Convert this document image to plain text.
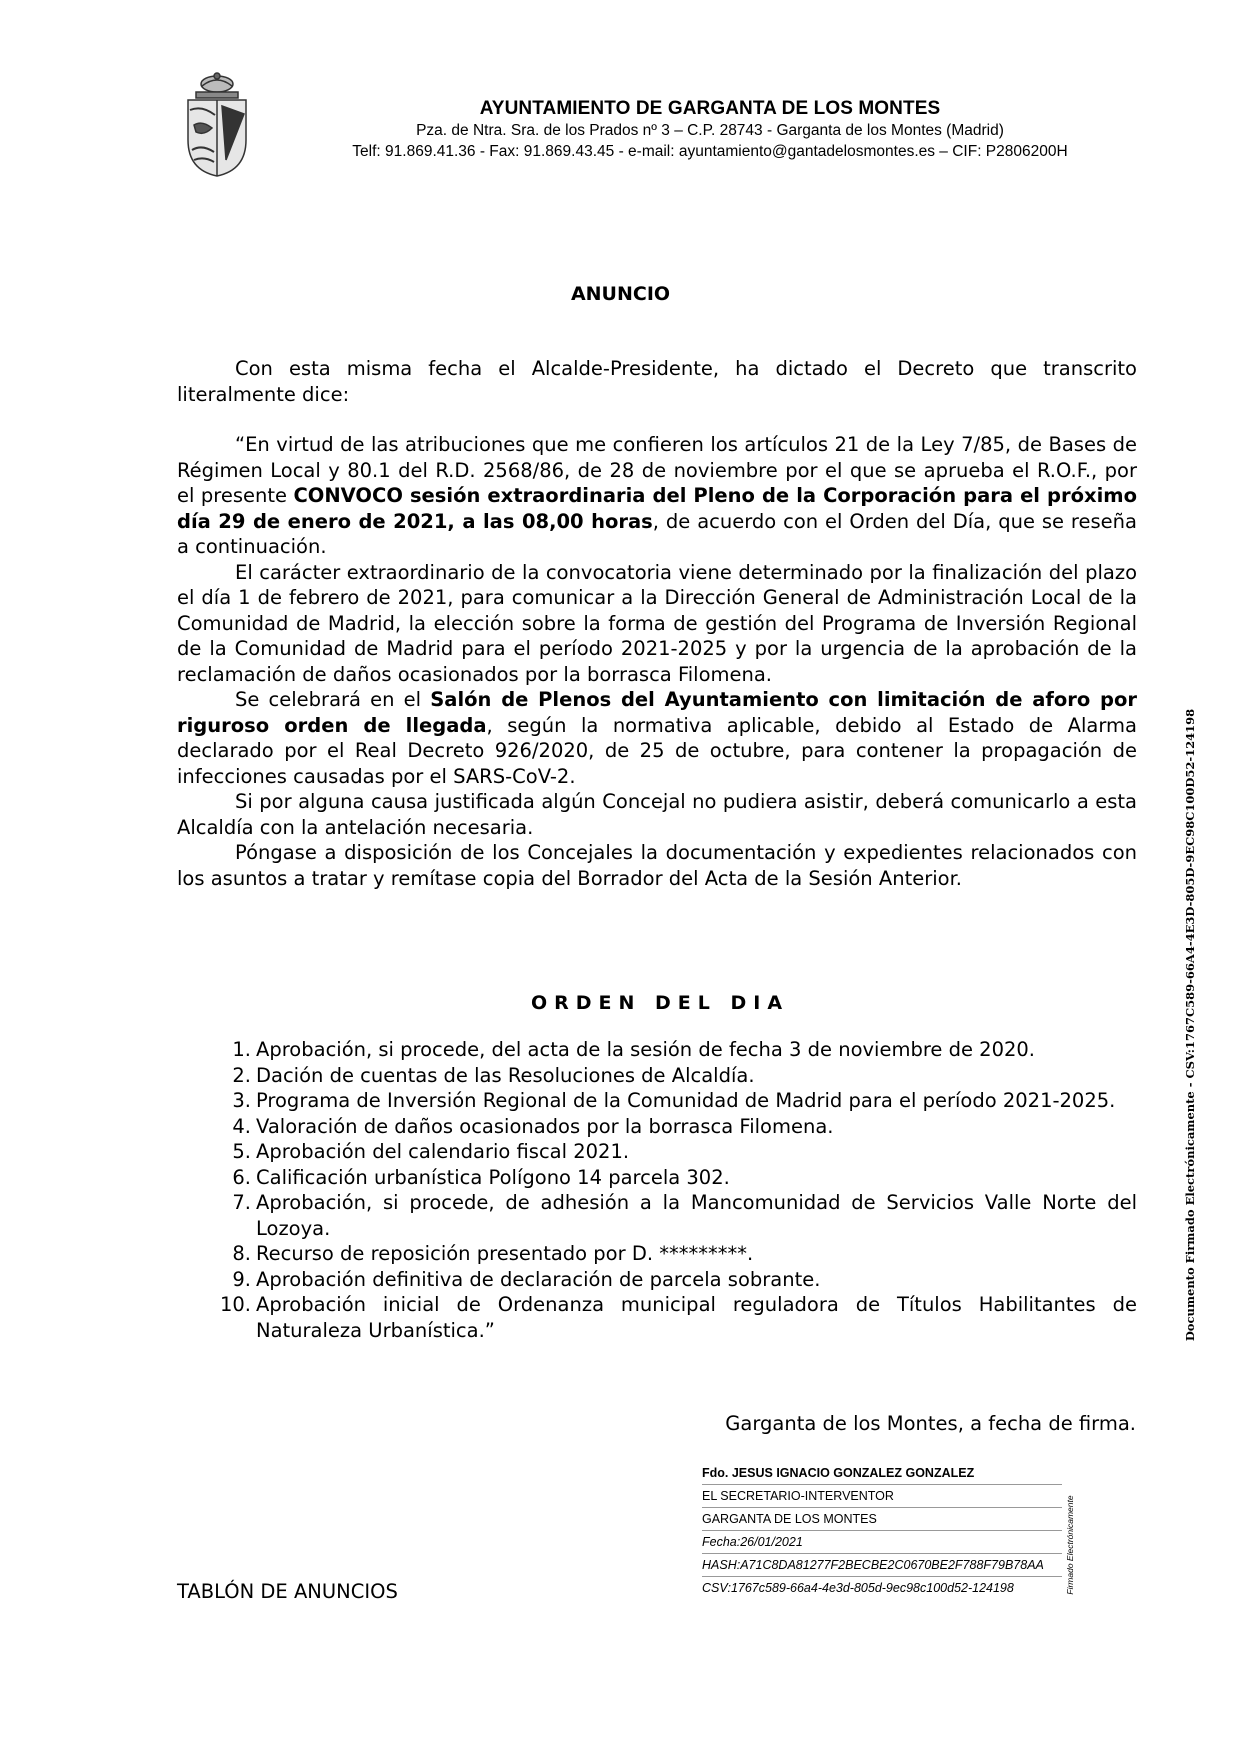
AYUNTAMIENTO DE GARGANTA DE LOS MONTES

Pza. de Ntra. Sra. de los Prados nº 3 – C.P. 28743 - Garganta de los Montes (Madrid)

Telf: 91.869.41.36 - Fax: 91.869.43.45 - e-mail: ayuntamiento@gantadelosmontes.es – CIF: P2806200H

ANUNCIO

Con esta misma fecha el Alcalde-Presidente, ha dictado el Decreto que transcrito literalmente dice:

“En virtud de las atribuciones que me confieren los artículos 21 de la Ley 7/85, de Bases de Régimen Local y 80.1 del R.D. 2568/86, de 28 de noviembre por el que se aprueba el R.O.F., por el presente CONVOCO sesión extraordinaria del Pleno de la Corporación para el próximo día 29 de enero de 2021, a las 08,00 horas, de acuerdo con el Orden del Día, que se reseña a continuación.

El carácter extraordinario de la convocatoria viene determinado por la finalización del plazo el día 1 de febrero de 2021, para comunicar a la Dirección General de Administración Local de la Comunidad de Madrid, la elección sobre la forma de gestión del Programa de Inversión Regional de la Comunidad de Madrid para el período 2021-2025 y por la urgencia de la aprobación de la reclamación de daños ocasionados por la borrasca Filomena.

Se celebrará en el Salón de Plenos del Ayuntamiento con limitación de aforo por riguroso orden de llegada, según la normativa aplicable, debido al Estado de Alarma declarado por el Real Decreto 926/2020, de 25 de octubre, para contener la propagación de infecciones causadas por el SARS-CoV-2.

Si por alguna causa justificada algún Concejal no pudiera asistir, deberá comunicarlo a esta Alcaldía con la antelación necesaria.

Póngase a disposición de los Concejales la documentación y expedientes relacionados con los asuntos a tratar y remítase copia del Borrador del Acta de la Sesión Anterior.

ORDEN DEL DIA

1. Aprobación, si procede, del acta de la sesión de fecha 3 de noviembre de 2020.
2. Dación de cuentas de las Resoluciones de Alcaldía.
3. Programa de Inversión Regional de la Comunidad de Madrid para el período 2021-2025.
4. Valoración de daños ocasionados por la borrasca Filomena.
5. Aprobación del calendario fiscal 2021.
6. Calificación urbanística Polígono 14 parcela 302.
7. Aprobación, si procede, de adhesión a la Mancomunidad de Servicios Valle Norte del Lozoya.
8. Recurso de reposición presentado por D. *********.
9. Aprobación definitiva de declaración de parcela sobrante.
10. Aprobación inicial de Ordenanza municipal reguladora de Títulos Habilitantes de Naturaleza Urbanística.”

Garganta de los Montes, a fecha de firma.

Fdo. JESUS IGNACIO GONZALEZ GONZALEZ
EL SECRETARIO-INTERVENTOR
GARGANTA DE LOS MONTES
Fecha:26/01/2021
HASH:A71C8DA81277F2BECBE2C0670BE2F788F79B78AA
CSV:1767c589-66a4-4e3d-805d-9ec98c100d52-124198	Firmado Electrónicamente

TABLÓN DE ANUNCIOS

Documento Firmado Electrónicamente - CSV:1767C589-66A4-4E3D-805D-9EC98C100D52-124198
